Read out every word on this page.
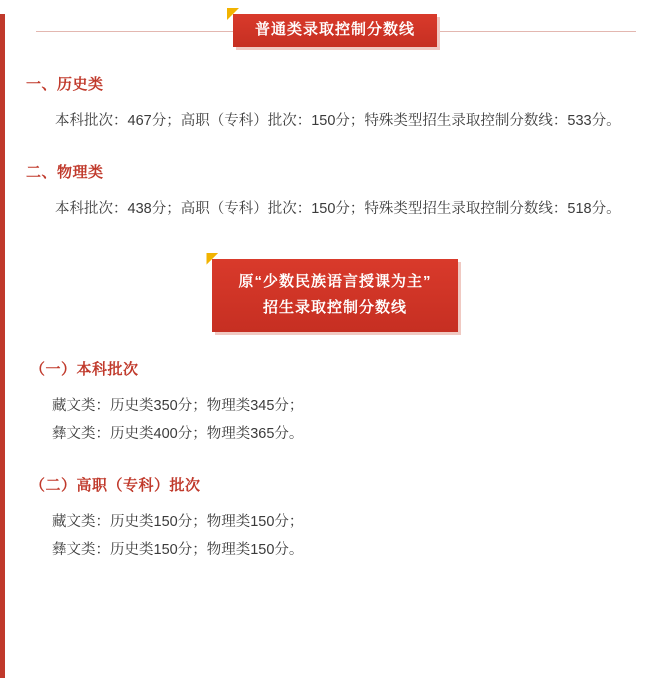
普通类录取控制分数线
一、历史类

本科批次：467分；高职（专科）批次：150分；特殊类型招生录取控制分数线：533分。

二、物理类

本科批次：438分；高职（专科）批次：150分；特殊类型招生录取控制分数线：518分。

原“少数民族语言授课为主”
招生录取控制分数线
（一）本科批次

藏文类：历史类350分；物理类345分；

彝文类：历史类400分；物理类365分。

（二）高职（专科）批次

藏文类：历史类150分；物理类150分；

彝文类：历史类150分；物理类150分。
